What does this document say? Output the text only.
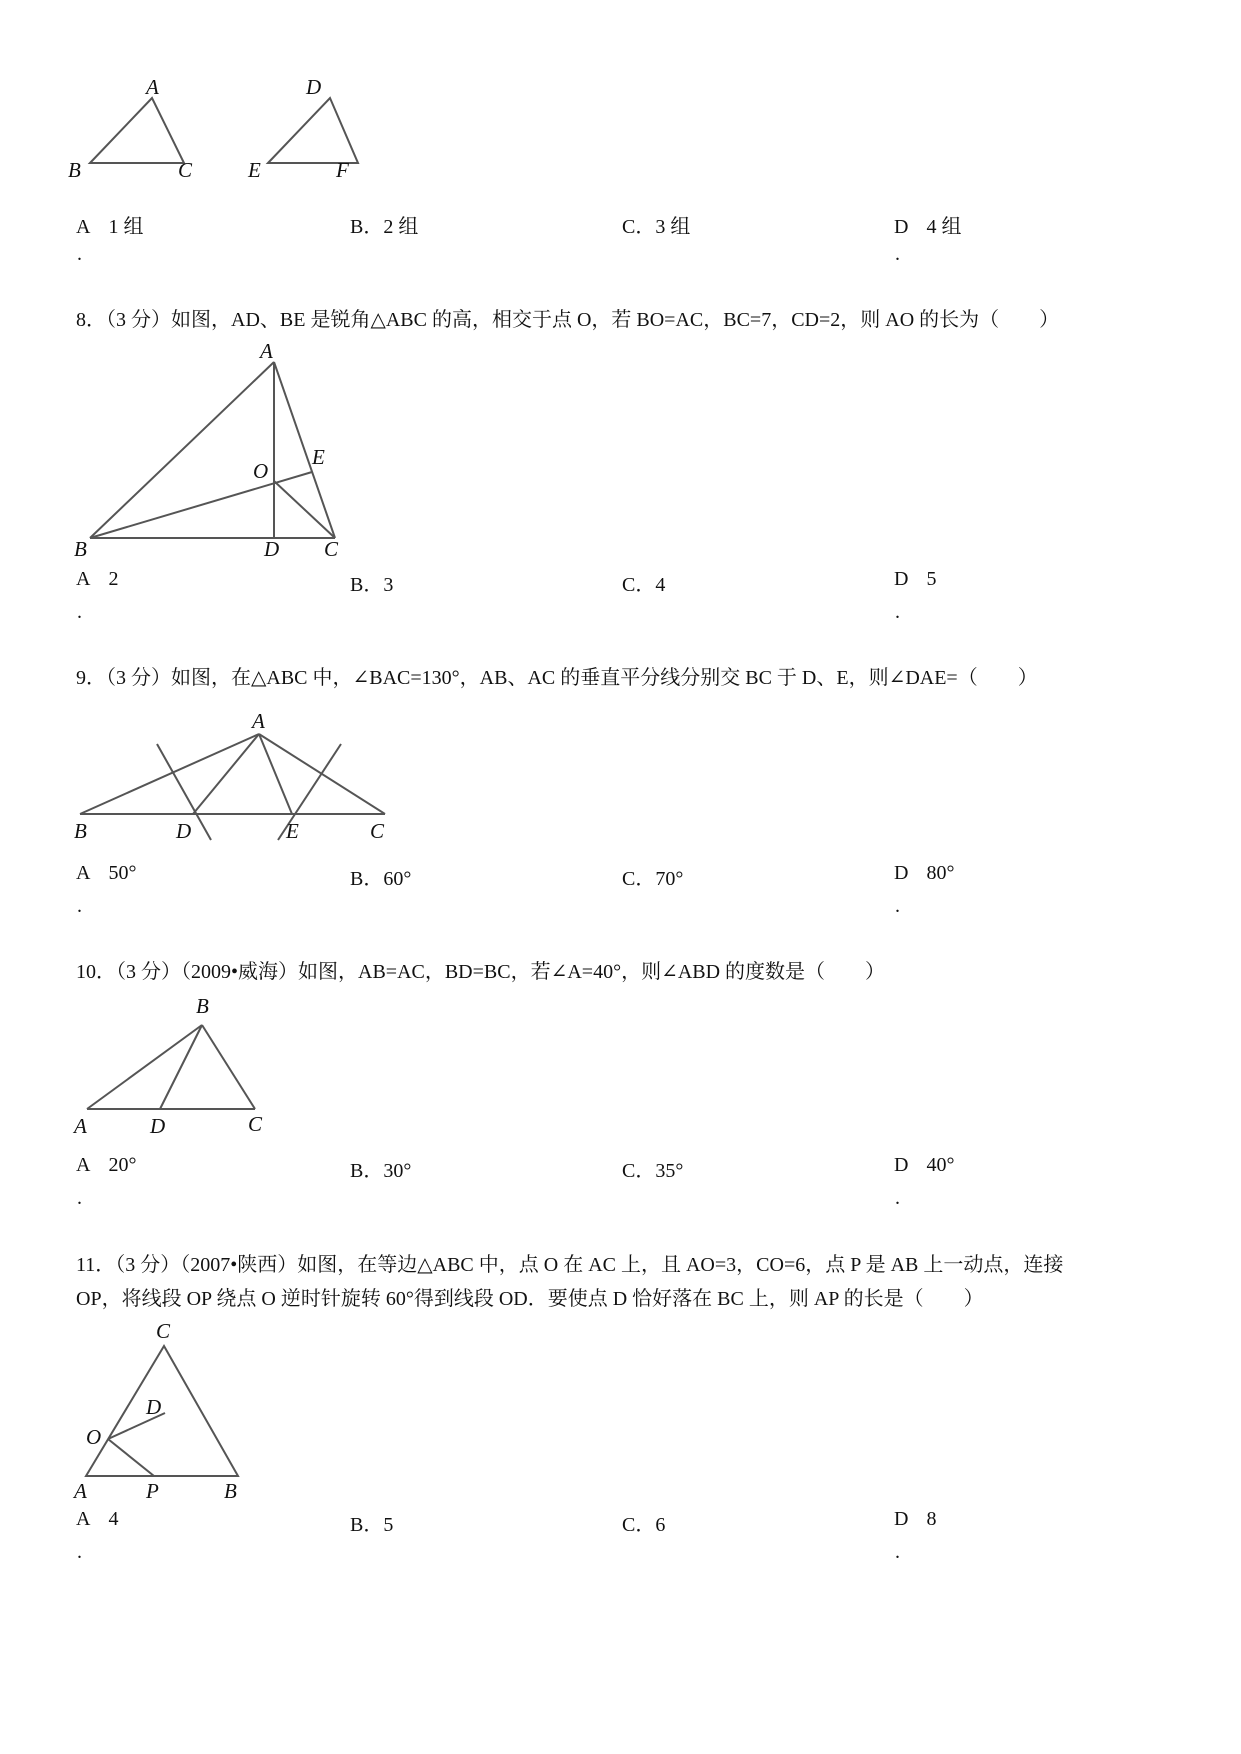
A
B	C
D
E	F
A 1 组
.
B．2 组	C．3 组	D 4 组
.
8．（3 分）如图，AD、BE 是锐角△ABC 的高，相交于点 O，若 BO=AC，BC=7，CD=2，则 AO 的长为（　　）
A
O
E
B	D C
A 2
.
B．3	C．4	D 5
.
9．（3 分）如图，在△ABC 中，∠BAC=130°，AB、AC 的垂直平分线分别交 BC 于 D、E，则∠DAE=（　　）
A
B	D	E	C
A 50°
.
B．60°	C．70°	D 80°
.
10．（3 分）（2009•威海）如图，AB=AC，BD=BC，若∠A=40°，则∠ABD 的度数是（　　）
B
A	D	C
A 20°
.
B．30°	C．35°	D 40°
.
11．（3 分）（2007•陕西）如图，在等边△ABC 中，点 O 在 AC 上，且 AO=3，CO=6，点 P 是 AB 上一动点，连接
OP，将线段 OP 绕点 O 逆时针旋转 60°得到线段 OD．要使点 D 恰好落在 BC 上，则 AP 的长是（　　）
C
D
O
A	P	B
A 4
.
B．5	C．6	D 8
.
